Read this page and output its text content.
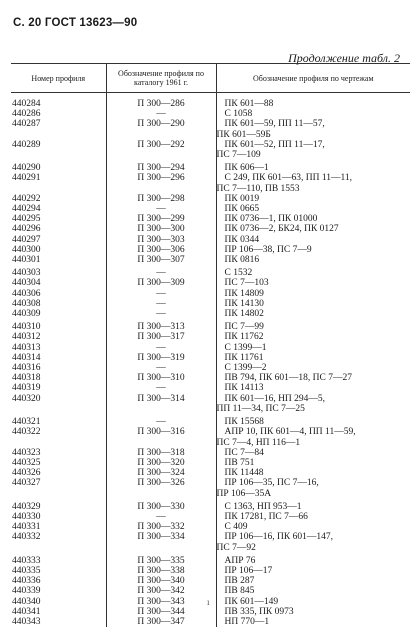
С. 20 ГОСТ 13623—90
Продолжение табл. 2
Номер профиля	Обозначение профиля по каталогу 1961 г.	Обозначение профиля по чертежам

440284	П 300—286	ПК 601—88
440286	—	С 1058
440287	П 300—290	ПК 601—59, ПП 11—57,
ПК 601—59Б

440289	П 300—292	ПК 601—52, ПП 11—17,
ПС 7—109

440290	П 300—294	ПК 606—1
440291	П 300—296	С 249, ПК 601—63, ПП 11—11,
ПС 7—110, ПВ 1553

440292	П 300—298	ПК 0019
440294	—	ПК 0665
440295	П 300—299	ПК 0736—1, ПК 01000
440296	П 300—300	ПК 0736—2, БК24, ПК 0127
440297	П 300—303	ПК 0344
440300	П 300—306	ПР 106—38, ПС 7—9
440301	П 300—307	ПК 0816
440303	—	С 1532
440304	П 300—309	ПС 7—103
440306	—	ПК 14809
440308	—	ПК 14130
440309	—	ПК 14802
440310	П 300—313	ПС 7—99
440312	П 300—317	ПК 11762
440313	—	С 1399—1
440314	П 300—319	ПК 11761
440316	—	С 1399—2
440318	П 300—310	ПВ 794, ПК 601—18, ПС 7—27
440319	—	ПК 14113
440320	П 300—314	ПК 601—16, НП 294—5,
ПП 11—34, ПС 7—25

440321	—	ПК 15568
440322	П 300—316	АПР 10, ПК 601—4, ПП 11—59,
ПС 7—4, НП 116—1

440323	П 300—318	ПС 7—84
440325	П 300—320	ПВ 751
440326	П 300—324	ПК 11448
440327	П 300—326	ПР 106—35, ПС 7—16,
ПР 106—35А

440329	П 300—330	С 1363, НП 953—1
440330	—	ПК 17281, ПС 7—66
440331	П 300—332	С 409
440332	П 300—334	ПР 106—16, ПК 601—147,
ПС 7—92

440333	П 300—335	АПР 76
440335	П 300—338	ПР 106—17
440336	П 300—340	ПВ 287
440339	П 300—342	ПВ 845
440340	П 300—343	ПК 601—149
440341	П 300—344	ПВ 335, ПК 0973
440343	П 300—347	НП 770—1
ı
